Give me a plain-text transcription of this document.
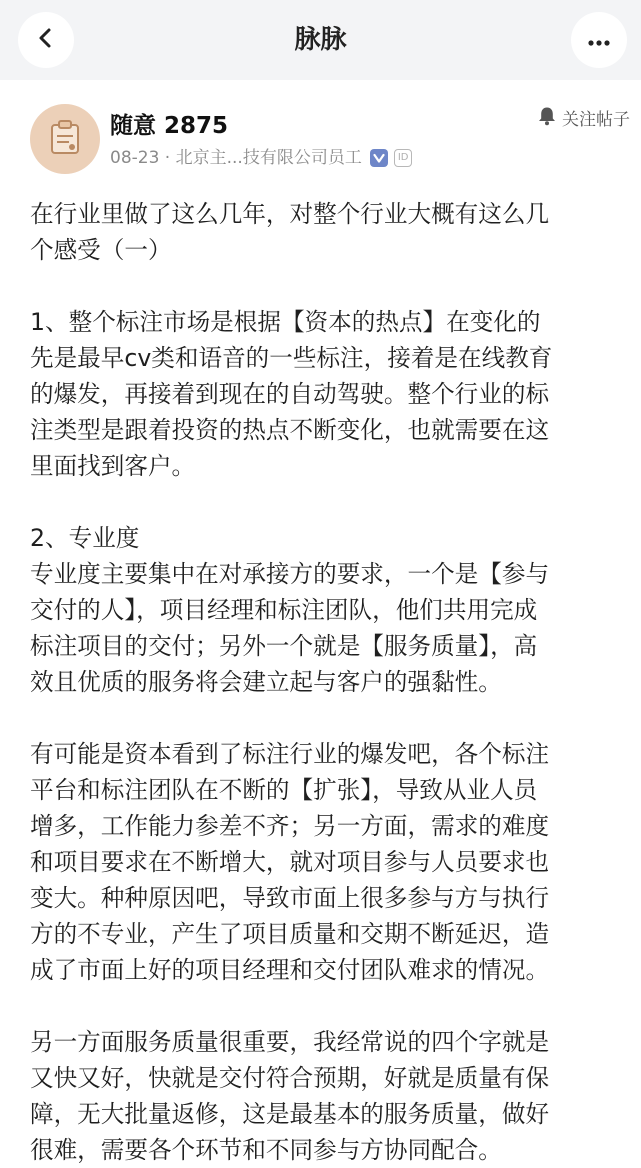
脉脉
随意 2875
08-23 · 北京主...技有限公司员工	ID
关注帖子
在行业里做了这么几年，对整个行业大概有这么几
个感受（一）
1、整个标注市场是根据【资本的热点】在变化的
先是最早cv类和语音的一些标注，接着是在线教育
的爆发，再接着到现在的自动驾驶。整个行业的标
注类型是跟着投资的热点不断变化，也就需要在这
里面找到客户。
2、专业度
专业度主要集中在对承接方的要求，一个是【参与
交付的人】，项目经理和标注团队，他们共用完成
标注项目的交付；另外一个就是【服务质量】，高
效且优质的服务将会建立起与客户的强黏性。
有可能是资本看到了标注行业的爆发吧，各个标注
平台和标注团队在不断的【扩张】，导致从业人员
增多，工作能力参差不齐；另一方面，需求的难度
和项目要求在不断增大，就对项目参与人员要求也
变大。种种原因吧，导致市面上很多参与方与执行
方的不专业，产生了项目质量和交期不断延迟，造
成了市面上好的项目经理和交付团队难求的情况。
另一方面服务质量很重要，我经常说的四个字就是
又快又好，快就是交付符合预期，好就是质量有保
障，无大批量返修，这是最基本的服务质量，做好
很难，需要各个环节和不同参与方协同配合。
